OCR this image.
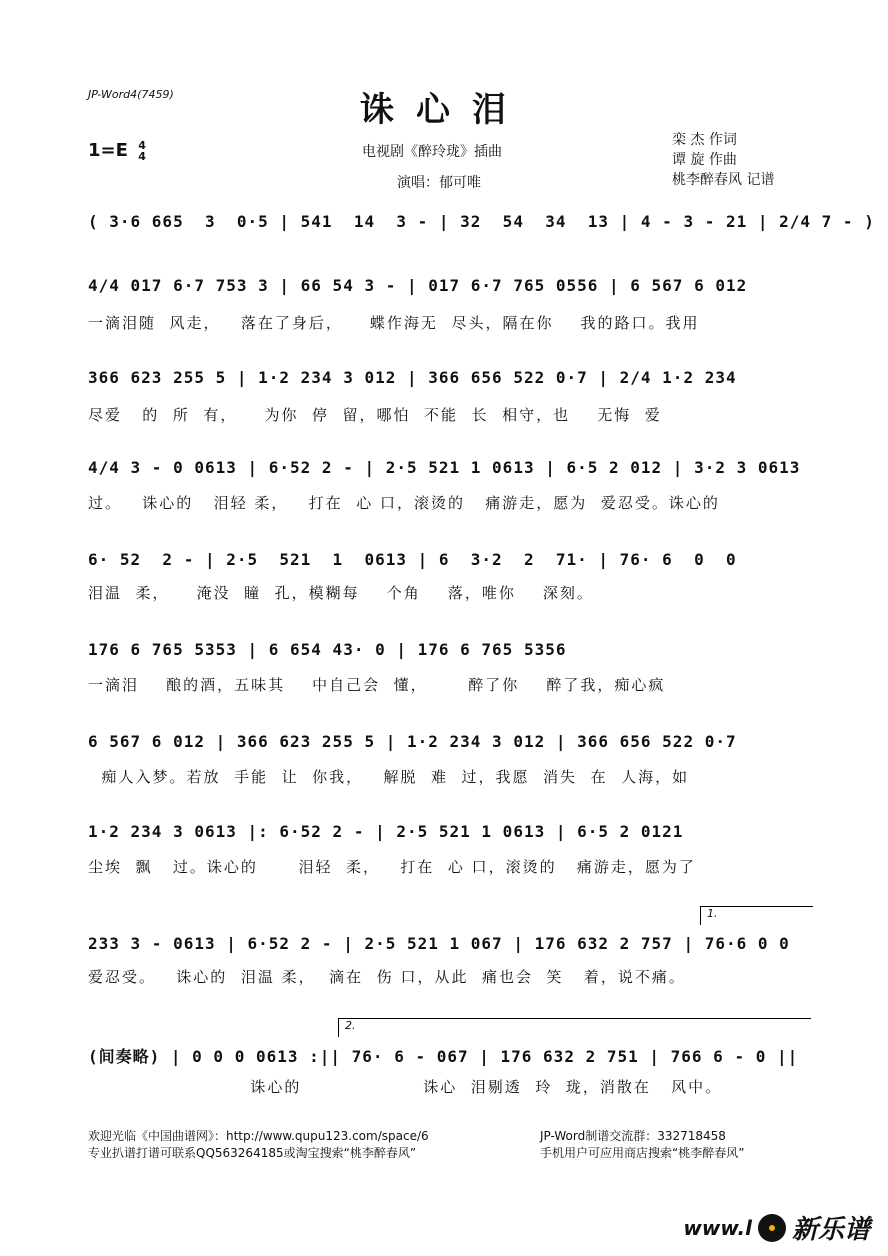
JP-Word4(7459)	诛心泪
1=E 4
4	电视剧《醉玲珑》插曲
演唱：郁可唯
栾 杰 作词
谭 旋 作曲
桃李醉春风 记谱
( 3·6 665  3  0·5 | 541  14  3 - | 32  54  34  13 | 4 - 3 - 21 | 2/4 7 - )
4/4 017 6·7 753 3 | 66 54 3 - | 017 6·7 765 0556 | 6 567 6 012
一滴泪随  风走，   落在了身后，    蝶作海无  尽头，隔在你    我的路口。我用
366 623 255 5 | 1·2 234 3 012 | 366 656 522 0·7 | 2/4 1·2 234
尽爱   的  所  有，    为你  停  留，哪怕  不能  长  相守，也    无悔  爱
4/4 3 - 0 0613 | 6·52 2 - | 2·5 521 1 0613 | 6·5 2 012 | 3·2 3 0613
过。   诛心的   泪轻 柔，   打在  心 口，滚烫的   痛游走，愿为  爱忍受。诛心的
6· 52  2 - | 2·5  521  1  0613 | 6  3·2  2  71· | 76· 6  0  0
泪温  柔，    淹没  瞳  孔，模糊每    个角    落，唯你    深刻。
176 6 765 5353 | 6 654 43· 0 | 176 6 765 5356
一滴泪    酿的酒，五味其    中自己会  懂，      醉了你    醉了我，痴心疯
6 567 6 012 | 366 623 255 5 | 1·2 234 3 012 | 366 656 522 0·7
痴人入梦。若放  手能  让  你我，   解脱  难  过，我愿  消失  在  人海，如
1·2 234 3 0613 |: 6·52 2 - | 2·5 521 1 0613 | 6·5 2 0121
尘埃  飘   过。诛心的      泪轻  柔，   打在  心 口，滚烫的   痛游走，愿为了
1.
233 3 - 0613 | 6·52 2 - | 2·5 521 1 067 | 176 632 2 757 | 76·6 0 0
爱忍受。   诛心的  泪温 柔，  滴在  伤 口，从此  痛也会  笑   着，说不痛。
2.
(间奏略) | 0 0 0 0613 :|| 76· 6 - 067 | 176 632 2 751 | 766 6 - 0 ||
诛心的                  诛心  泪剔透  玲  珑，消散在   风中。
欢迎光临《中国曲谱网》：http://www.qupu123.com/space/6
专业扒谱打谱可联系QQ563264185或淘宝搜索“桃李醉春风”
JP-Word制谱交流群：332718458
手机用户可应用商店搜索“桃李醉春风”
www.l 新乐谱
